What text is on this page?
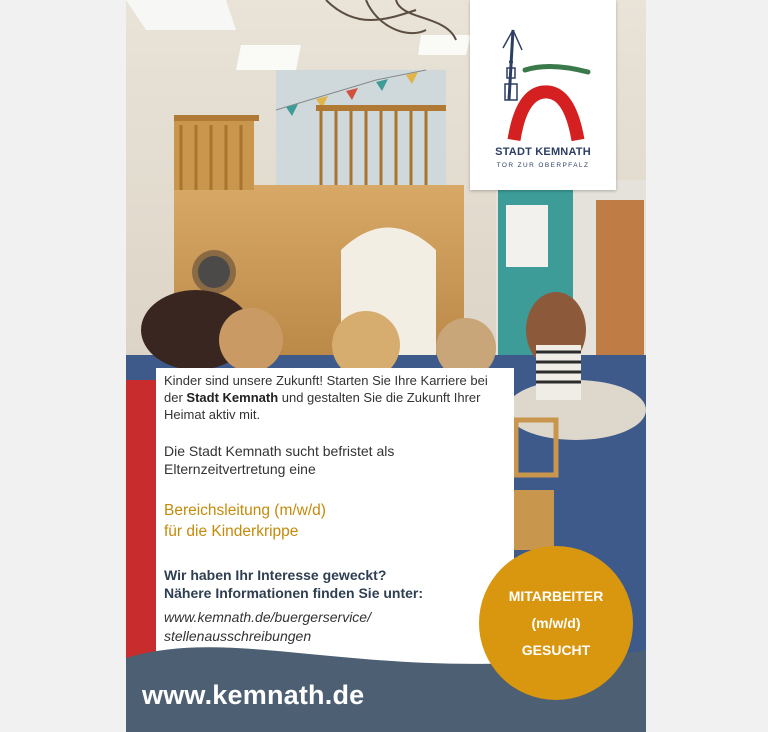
STADT KEMNATH
TOR ZUR OBERPFALZ

Kinder sind unsere Zukunft! Starten Sie Ihre Karriere bei der Stadt Kemnath und gestalten Sie die Zukunft Ihrer Heimat aktiv mit.

Die Stadt Kemnath sucht befristet als
Elternzeitvertretung eine

Bereichsleitung (m/w/d)
für die Kinderkrippe

Wir haben Ihr Interesse geweckt?
Nähere Informationen finden Sie unter:

www.kemnath.de/buergerservice/
stellenausschreibungen

www.kemnath.de
MITARBEITER
(m/w/d)
GESUCHT
